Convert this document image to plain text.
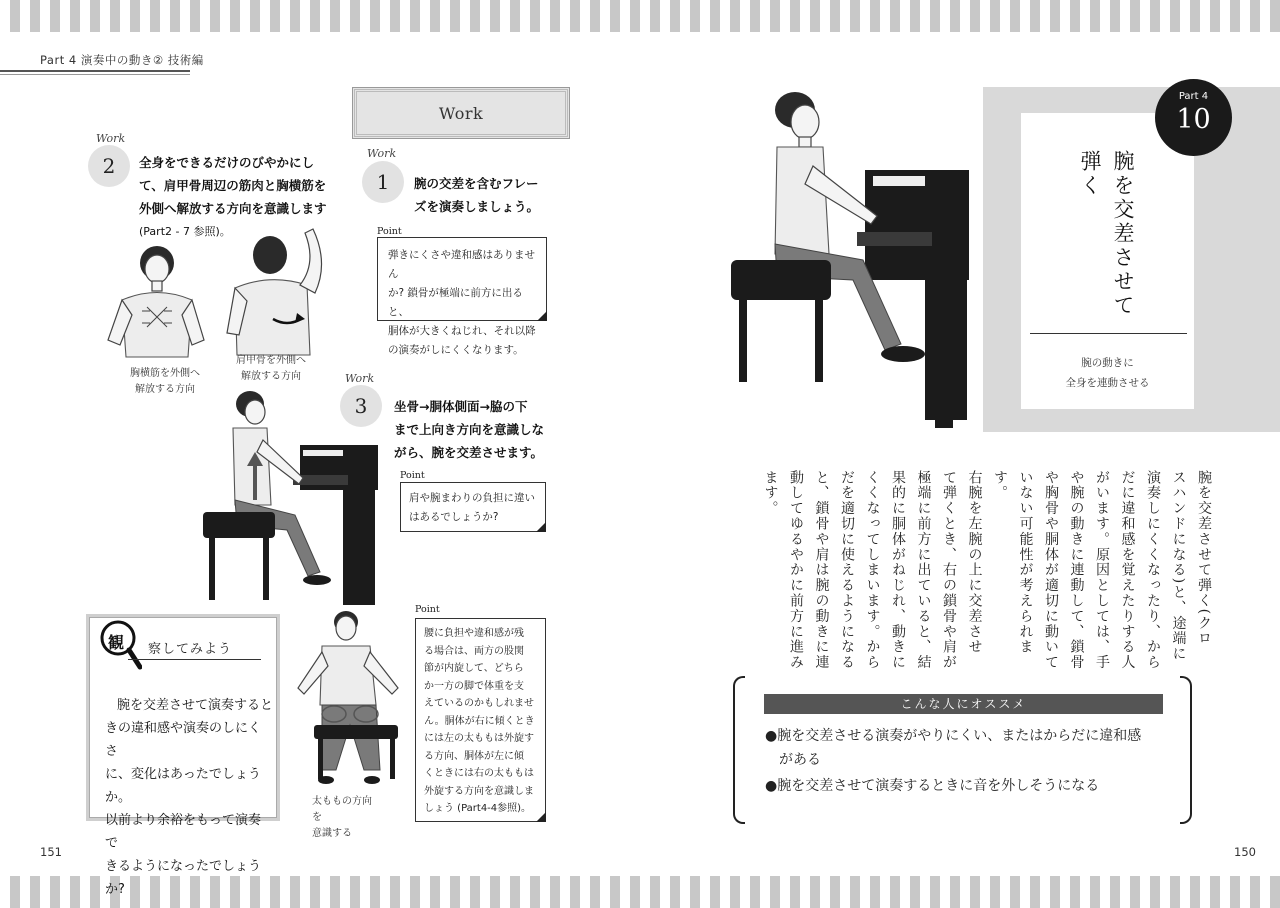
Part 4 演奏中の動き② 技術編
151	150
Work
Work
2	全身をできるだけのびやかにし
て、肩甲骨周辺の筋肉と胸横筋を
外側へ解放する方向を意識します
(Part2 - 7 参照)。
Work
1	腕の交差を含むフレー
ズを演奏しましょう。
Point
弾きにくさや違和感はありません
か? 鎖骨が極端に前方に出ると、
胴体が大きくねじれ、それ以降
の演奏がしにくくなります。
胸横筋を外側へ
解放する方向
肩甲骨を外側へ
解放する方向	Work
3	坐骨→胴体側面→脇の下
まで上向き方向を意識しな
がら、腕を交差させます。
Point
肩や腕まわりの負担に違い
はあるでしょうか?
観 察してみよう
腕を交差させて演奏すると
きの違和感や演奏のしにくさ
に、変化はあったでしょうか。
以前より余裕をもって演奏で
きるようになったでしょうか?
太ももの方向を
意識する
Point
腰に負担や違和感が残
る場合は、両方の股関
節が内旋して、どちら
か一方の脚で体重を支
えているのかもしれませ
ん。胴体が右に傾くとき
には左の太ももは外旋す
る方向、胴体が左に傾
くときには右の太ももは
外旋する方向を意識しま
しょう (Part4-4参照)。
Part 4
10
腕を交差させて
弾く
腕の動きに
全身を連動させる
腕を交差させて弾く(クロ
スハンドになる)と、途端に
演奏しにくくなったり、から
だに違和感を覚えたりする人
がいます。原因としては、手
や腕の動きに連動して、鎖骨
や胸骨や胴体が適切に動いて
いない可能性が考えられま
す。
右腕を左腕の上に交差させ
て弾くとき、右の鎖骨や肩が
極端に前方に出ていると、結
果的に胴体がねじれ、動きに
くくなってしまいます。から
だを適切に使えるようになる
と、鎖骨や肩は腕の動きに連
動してゆるやかに前方に進み
ます。
こんな人にオススメ
●腕を交差させる演奏がやりにくい、またはからだに違和感
がある
●腕を交差させて演奏するときに音を外しそうになる
